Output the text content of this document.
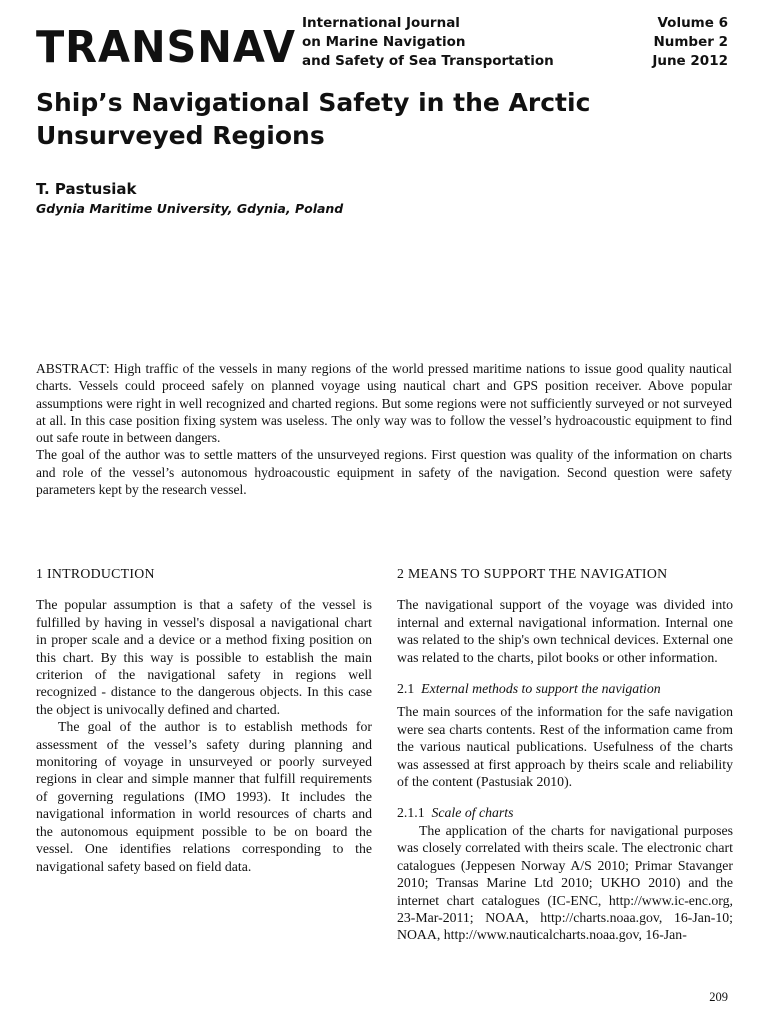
TRANSNAV International Journal
on Marine Navigation
and Safety of Sea Transportation
Volume 6
Number 2
June 2012
Ship’s Navigational Safety in the Arctic Unsurveyed Regions
T. Pastusiak
Gdynia Maritime University, Gdynia, Poland

ABSTRACT: High traffic of the vessels in many regions of the world pressed maritime nations to issue good quality nautical charts. Vessels could proceed safely on planned voyage using nautical chart and GPS position receiver. Above popular assumptions were right in well recognized and charted regions. But some regions were not sufficiently surveyed or not surveyed at all. In this case position fixing system was useless. The only way was to follow the vessel’s hydroacoustic equipment to find out safe route in between dangers.

The goal of the author was to settle matters of the unsurveyed regions. First question was quality of the information on charts and role of the vessel’s autonomous hydroacoustic equipment in safety of the navigation. Second question were safety parameters kept by the research vessel.

1 INTRODUCTION

The popular assumption is that a safety of the vessel is fulfilled by having in vessel's disposal a navigational chart in proper scale and a device or a method fixing position on this chart. By this way is possible to establish the main criterion of the navigational safety in regions well recognized - distance to the dangerous objects. In this case the object is univocally defined and charted.

The goal of the author is to establish methods for assessment of the vessel’s safety during planning and monitoring of voyage in unsurveyed or poorly surveyed regions in clear and simple manner that fulfill requirements of governing regulations (IMO 1993). It includes the navigational information in world resources of charts and the autonomous equipment possible to be on board the vessel. One identifies relations corresponding to the navigational safety based on field data.

2 MEANS TO SUPPORT THE NAVIGATION

The navigational support of the voyage was divided into internal and external navigational information. Internal one was related to the ship's own technical devices. External one was related to the charts, pilot books or other information.

2.1 External methods to support the navigation

The main sources of the information for the safe navigation were sea charts contents. Rest of the information came from the various nautical publications. Usefulness of the charts was assessed at first approach by theirs scale and reliability of the content (Pastusiak 2010).

2.1.1 Scale of charts

The application of the charts for navigational purposes was closely correlated with theirs scale. The electronic chart catalogues (Jeppesen Norway A/S 2010; Primar Stavanger 2010; Transas Marine Ltd 2010; UKHO 2010) and the internet chart catalogues (IC-ENC, http://www.ic-enc.org, 23-Mar-2011; NOAA, http://charts.noaa.gov, 16-Jan-10; NOAA, http://www.nauticalcharts.noaa.gov, 16-Jan-

209
